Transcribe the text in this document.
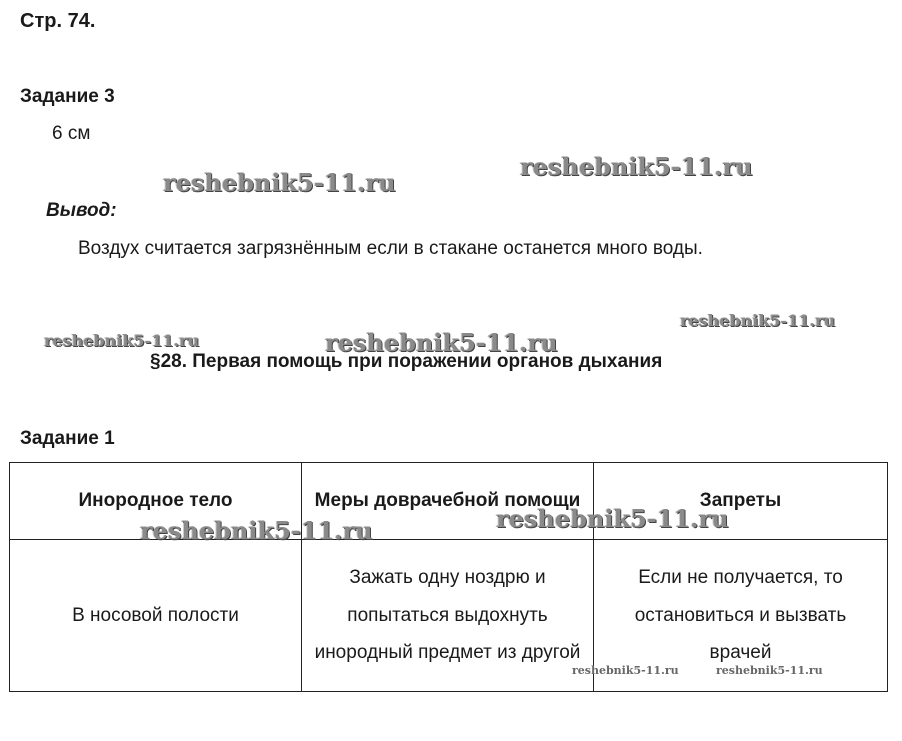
Стр. 74.
Задание 3
6 см
Вывод:
Воздух считается загрязнённым если в стакане останется много воды.
§28. Первая помощь при поражении органов дыхания
Задание 1
Инородное тело	Меры доврачебной помощи	Запреты
В носовой полости	Зажать одну ноздрю и попытаться выдохнуть инородный предмет из другой	Если не получается, то остановиться и вызвать врачей
reshebnik5-11.ru
reshebnik5-11.ru
reshebnik5-11.ru	reshebnik5-11.ru
reshebnik5-11.ru
reshebnik5-11.ru	reshebnik5-11.ru
reshebnik5-11.ru	reshebnik5-11.ru
